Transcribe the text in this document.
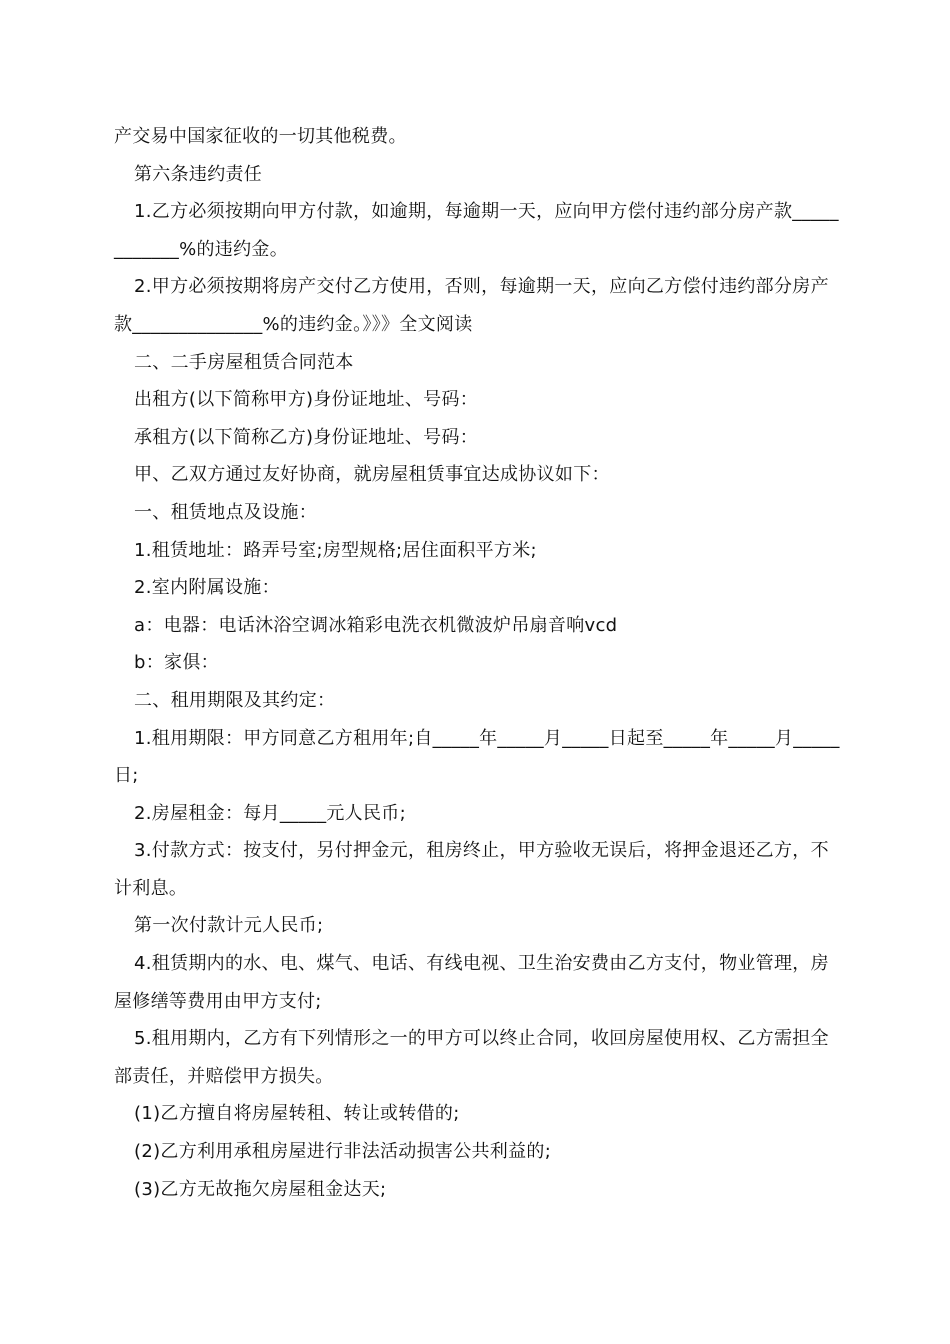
产交易中国家征收的一切其他税费。

第六条违约责任

1.乙方必须按期向甲方付款，如逾期，每逾期一天，应向甲方偿付违约部分房产款____________%的违约金。

2.甲方必须按期将房产交付乙方使用，否则，每逾期一天，应向乙方偿付违约部分房产款______________%的违约金。》》》全文阅读

二、二手房屋租赁合同范本

出租方(以下简称甲方)身份证地址、号码：

承租方(以下简称乙方)身份证地址、号码：

甲、乙双方通过友好协商，就房屋租赁事宜达成协议如下：

一、租赁地点及设施：

1.租赁地址：路弄号室;房型规格;居住面积平方米;

2.室内附属设施：

a：电器：电话沐浴空调冰箱彩电洗衣机微波炉吊扇音响vcd

b：家俱：

二、租用期限及其约定：

1.租用期限：甲方同意乙方租用年;自_____年_____月_____日起至_____年_____月_____日;

2.房屋租金：每月_____元人民币;

3.付款方式：按支付，另付押金元，租房终止，甲方验收无误后，将押金退还乙方，不计利息。

第一次付款计元人民币;

4.租赁期内的水、电、煤气、电话、有线电视、卫生治安费由乙方支付，物业管理，房屋修缮等费用由甲方支付;

5.租用期内，乙方有下列情形之一的甲方可以终止合同，收回房屋使用权、乙方需担全部责任，并赔偿甲方损失。

(1)乙方擅自将房屋转租、转让或转借的;

(2)乙方利用承租房屋进行非法活动损害公共利益的;

(3)乙方无故拖欠房屋租金达天;
